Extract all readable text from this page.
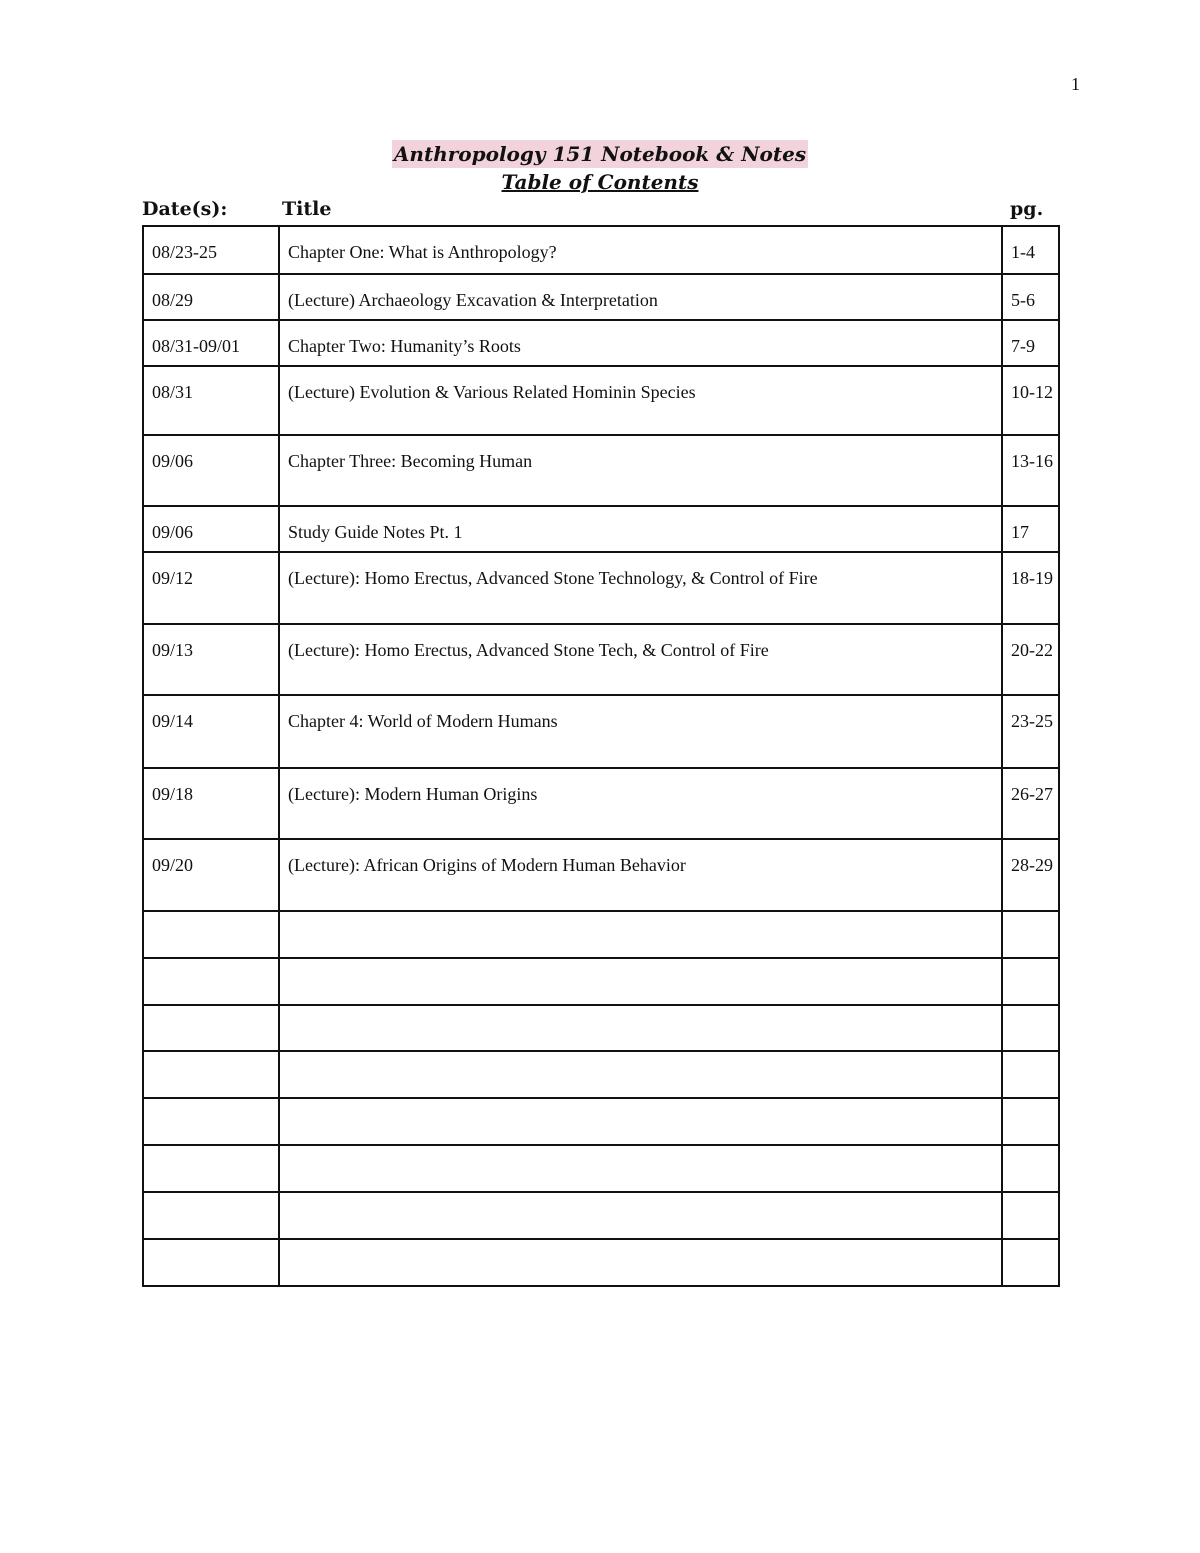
1
Anthropology 151 Notebook & Notes
Table of Contents
Date(s):	Title	pg.
08/23-25	Chapter One: What is Anthropology?	1-4
08/29	(Lecture) Archaeology Excavation & Interpretation	5-6
08/31-09/01	Chapter Two: Humanity’s Roots	7-9
08/31	(Lecture) Evolution & Various Related Hominin Species	10-12
09/06	Chapter Three: Becoming Human	13-16
09/06	Study Guide Notes Pt. 1	17
09/12	(Lecture): Homo Erectus, Advanced Stone Technology, & Control of Fire	18-19
09/13	(Lecture): Homo Erectus, Advanced Stone Tech, & Control of Fire	20-22
09/14	Chapter 4: World of Modern Humans	23-25
09/18	(Lecture): Modern Human Origins	26-27
09/20	(Lecture): African Origins of Modern Human Behavior	28-29
